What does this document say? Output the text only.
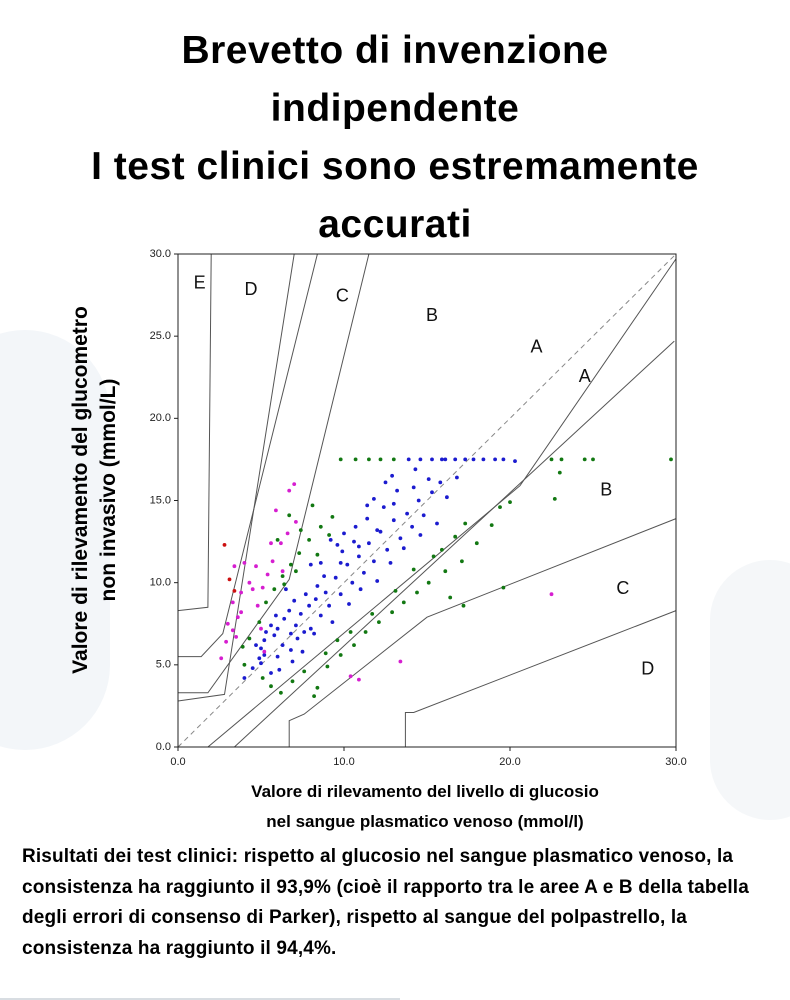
Brevetto di invenzione
indipendente
I test clinici sono estremamente
accurati
E D	C
B
A
A
B
C
D
0.0	10.0	20.0	30.0
0.0
5.0
10.0
15.0
20.0
25.0
30.0
Valore di rilevamento del glucometro non invasivo (mmol/L)
Valore di rilevamento del livello di glucosio
nel sangue plasmatico venoso (mmol/l)

Risultati dei test clinici: rispetto al glucosio nel sangue plasmatico venoso, la consistenza ha raggiunto il 93,9% (cioè il rapporto tra le aree A e B della tabella degli errori di consenso di Parker), rispetto al sangue del polpastrello, la consistenza ha raggiunto il 94,4%.
